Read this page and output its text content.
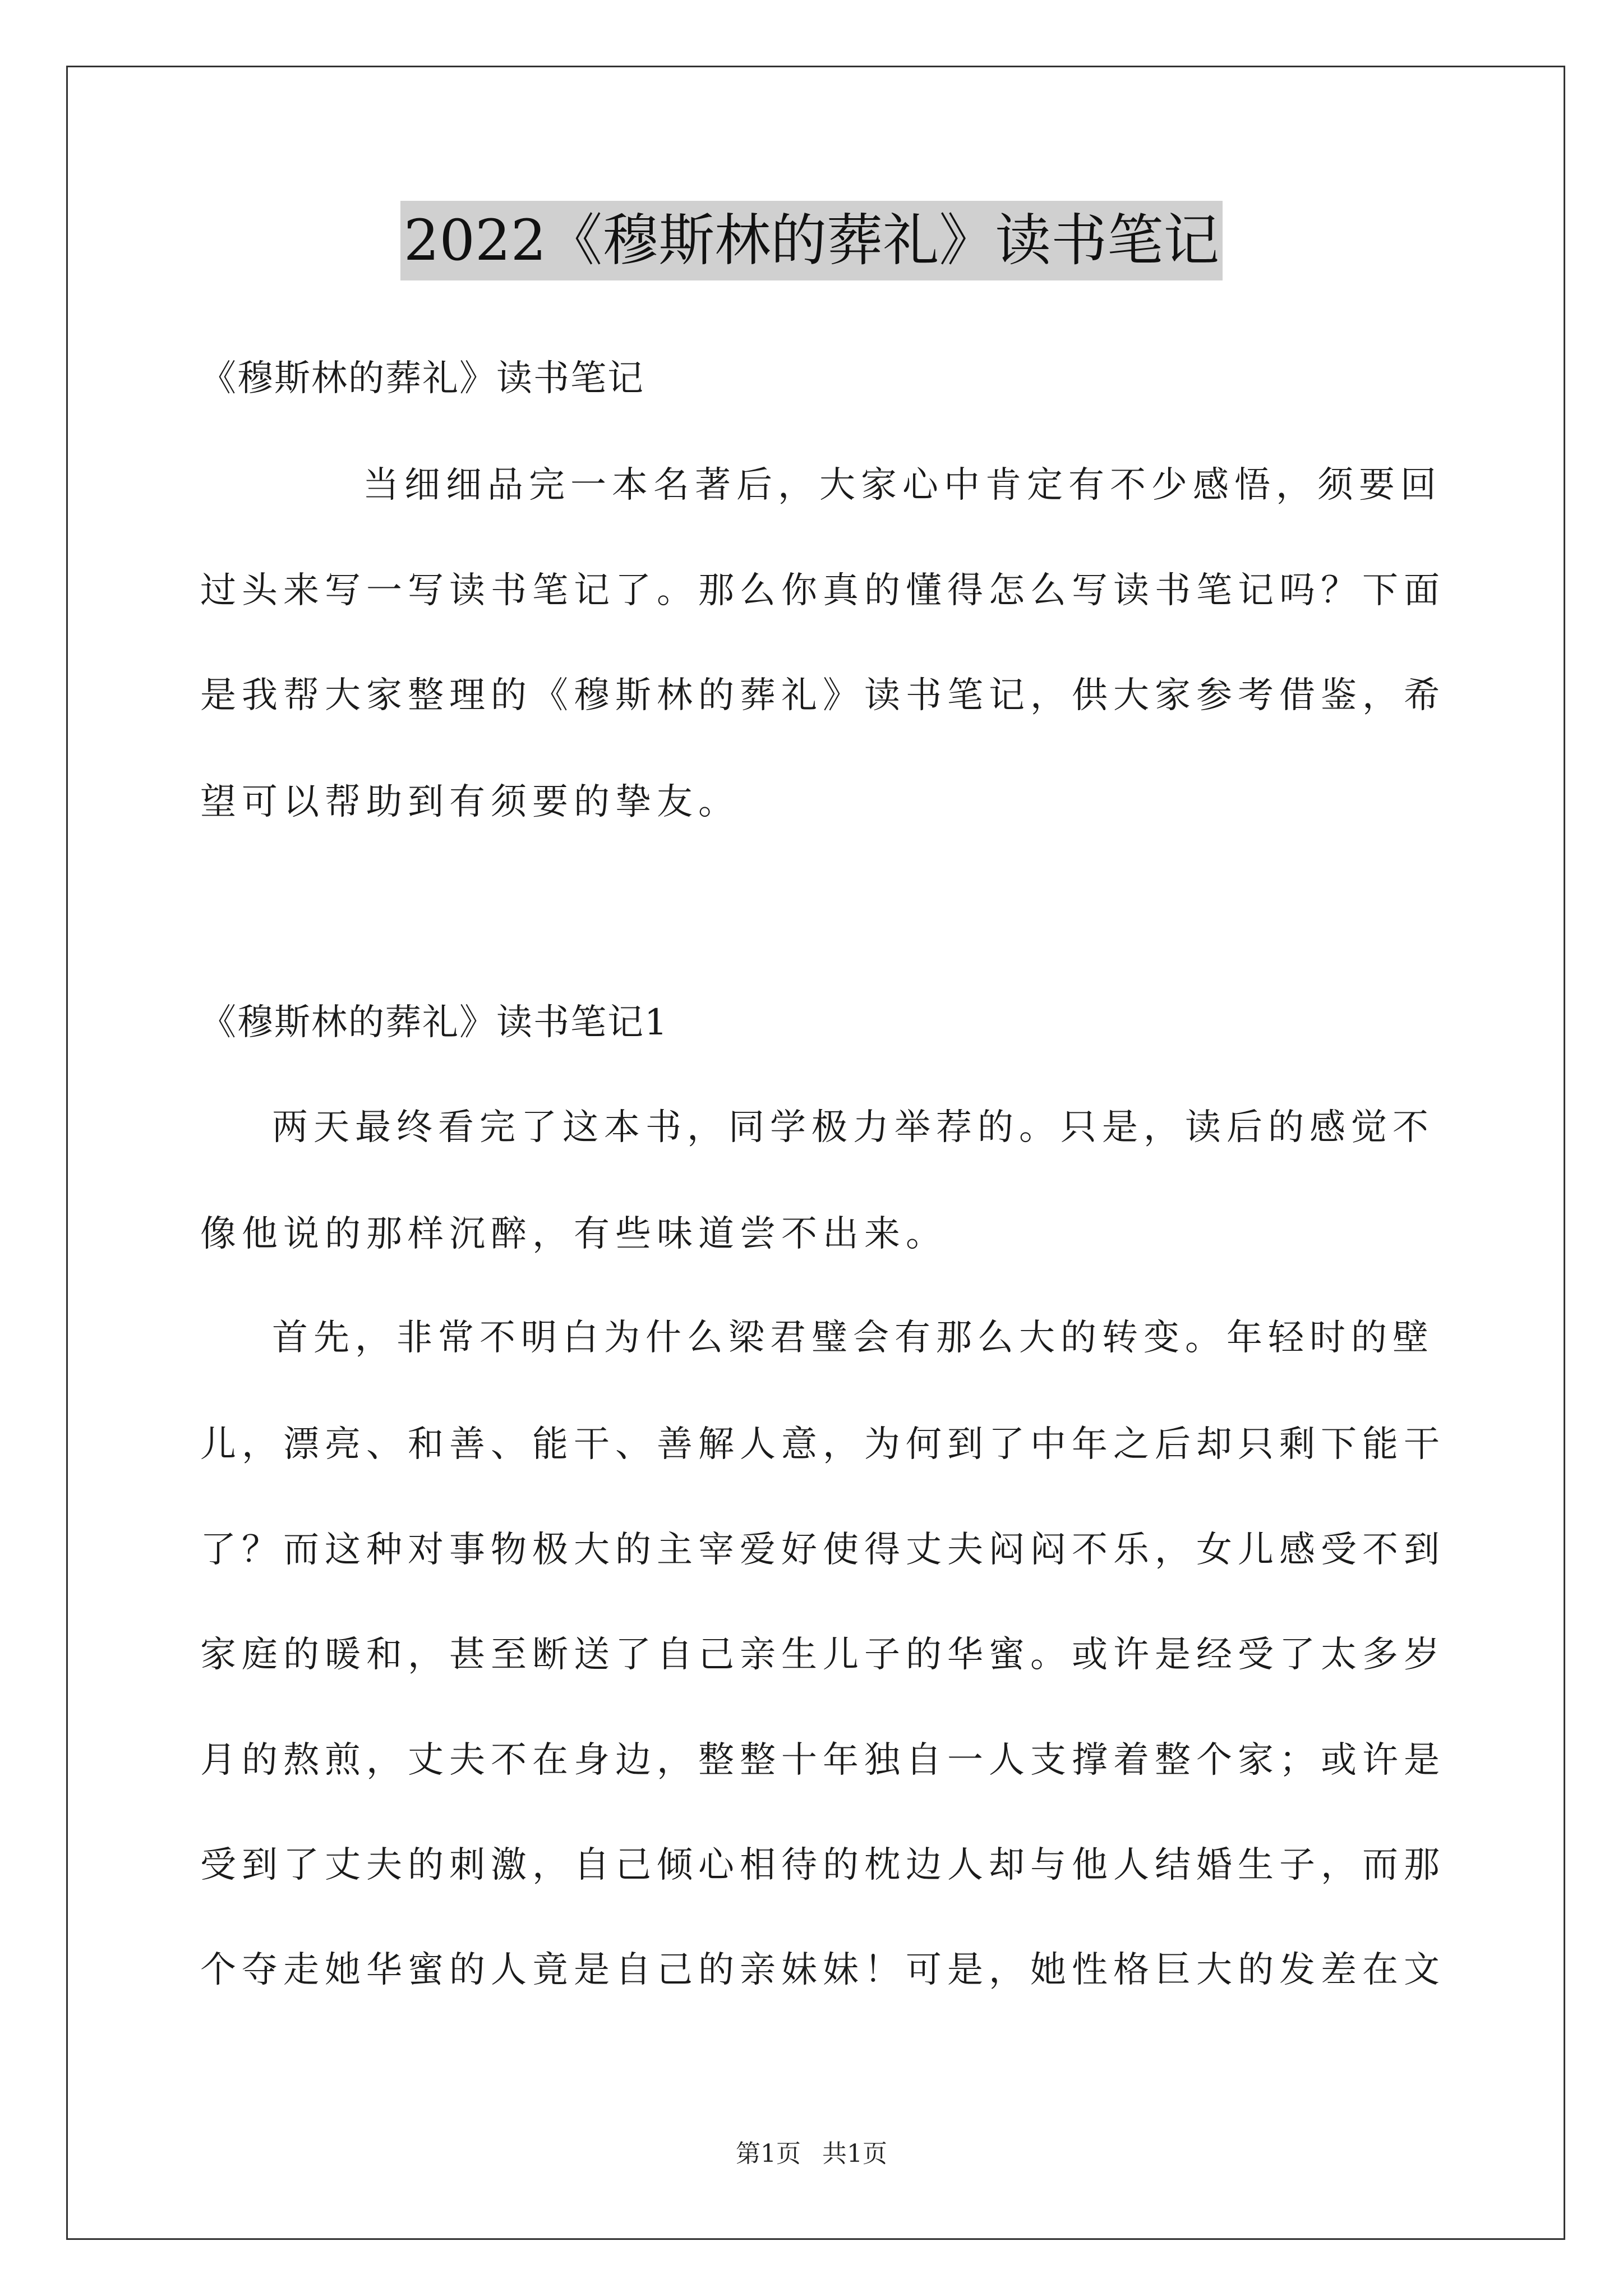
2022《穆斯林的葬礼》读书笔记
《穆斯林的葬礼》读书笔记
当细细品完一本名著后，大家心中肯定有不少感悟，须要回
过头来写一写读书笔记了。那么你真的懂得怎么写读书笔记吗？下面
是我帮大家整理的《穆斯林的葬礼》读书笔记，供大家参考借鉴，希
望可以帮助到有须要的挚友。
《穆斯林的葬礼》读书笔记1
两天最终看完了这本书，同学极力举荐的。只是，读后的感觉不
像他说的那样沉醉，有些味道尝不出来。
首先，非常不明白为什么梁君璧会有那么大的转变。年轻时的壁
儿，漂亮、和善、能干、善解人意，为何到了中年之后却只剩下能干
了？而这种对事物极大的主宰爱好使得丈夫闷闷不乐，女儿感受不到
家庭的暖和，甚至断送了自己亲生儿子的华蜜。或许是经受了太多岁
月的熬煎，丈夫不在身边，整整十年独自一人支撑着整个家；或许是
受到了丈夫的刺激，自己倾心相待的枕边人却与他人结婚生子，而那
个夺走她华蜜的人竟是自己的亲妹妹！可是，她性格巨大的发差在文
第1页 共1页
